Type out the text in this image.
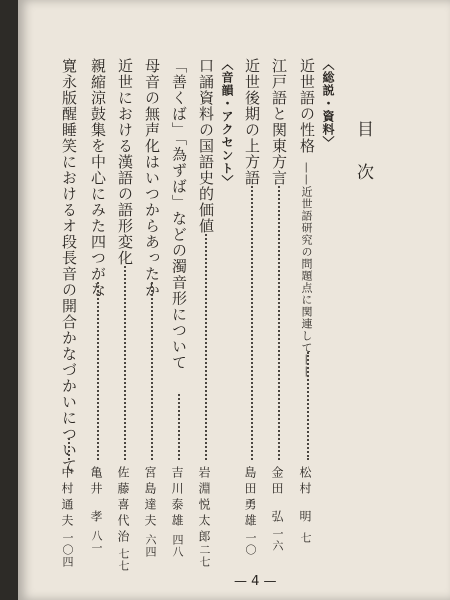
目次
〈総説・資料〉
近世語の性格
——近世語研究の問題点に関連して——
松村
明
七
江戸語と関東方言
金田
弘
一六
近世後期の上方語
島田勇雄
一〇
〈音韻・アクセント〉
口誦資料の国語史的価値
岩淵悦太郎
二七
「善くば」「為ずば」などの濁音形について
吉川泰雄
四八
母音の無声化はいつからあったか
宮島達夫
六四
近世における漢語の語形変化
佐藤喜代治
七七
親縮涼鼓集を中心にみた四つがな
亀井
孝
八一
寛永版醒睡笑におけるオ段長音の開合かなづかいについて
中村通夫
一〇四
— 4 —
